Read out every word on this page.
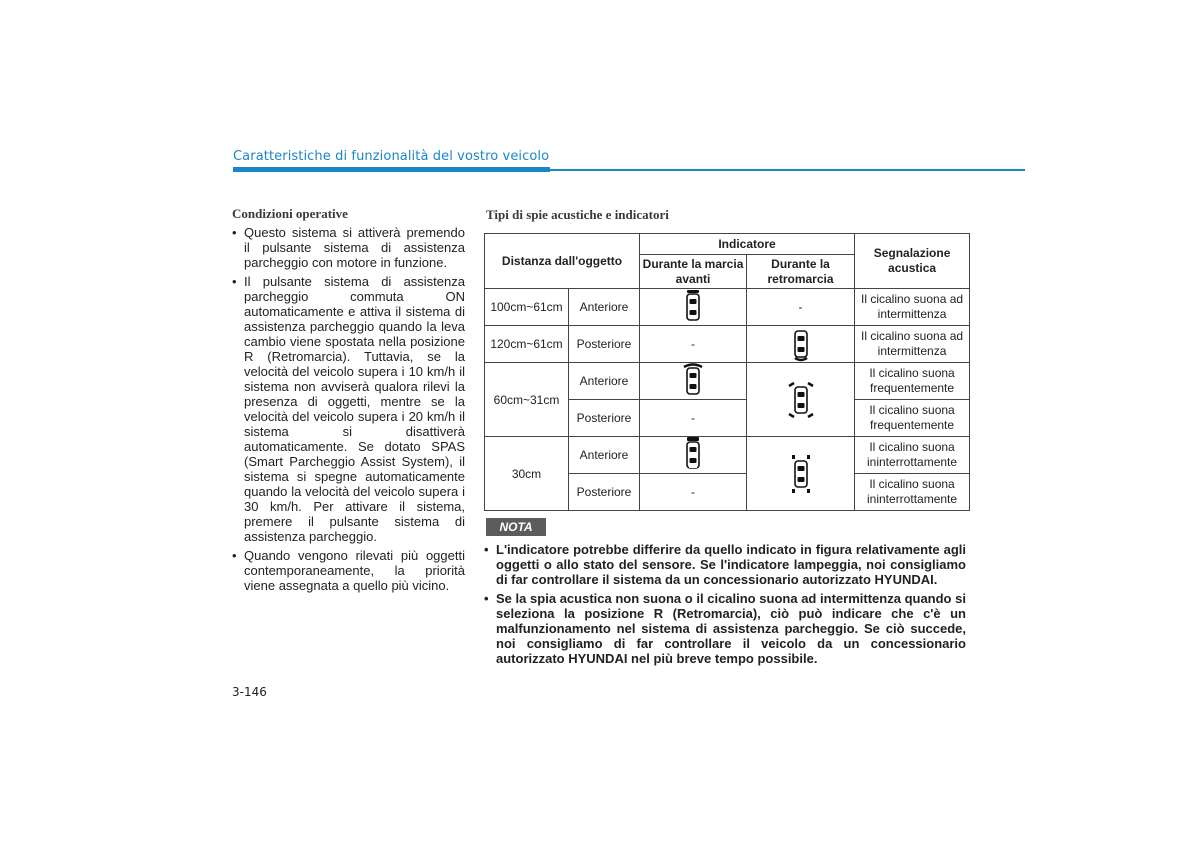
Caratteristiche di funzionalità del vostro veicolo
Condizioni operative
• Questo sistema si attiverà premendo il pulsante sistema di assistenza parcheggio con motore in funzione.
• Il pulsante sistema di assistenza parcheggio commuta ON automaticamente e attiva il sistema di assistenza parcheggio quando la leva cambio viene spostata nella posizione R (Retromarcia). Tuttavia, se la velocità del veicolo supera i 10 km/h il sistema non avviserà qualora rilevi la presenza di oggetti, mentre se la velocità del veicolo supera i 20 km/h il sistema si disattiverà automaticamente. Se dotato SPAS (Smart Parcheggio Assist System), il sistema si spegne automaticamente quando la velocità del veicolo supera i 30 km/h. Per attivare il sistema, premere il pulsante sistema di assistenza parcheggio.
• Quando vengono rilevati più oggetti contemporaneamente, la priorità viene assegnata a quello più vicino.
3-146
Tipi di spie acustiche e indicatori
Distanza dall'oggetto		Indicatore		Segnalazione acustica
		Durante la marcia avanti	Durante la retromarcia	
100cm~61cm	Anteriore		-	Il cicalino suona ad intermittenza
120cm~61cm	Posteriore	-		Il cicalino suona ad intermittenza
60cm~31cm	Anteriore			Il cicalino suona frequentemente
	Posteriore	-		Il cicalino suona frequentemente
30cm	Anteriore			Il cicalino suona ininterrottamente
	Posteriore	-		Il cicalino suona ininterrottamente
NOTA
• L'indicatore potrebbe differire da quello indicato in figura relativamente agli oggetti o allo stato del sensore. Se l'indicatore lampeggia, noi consigliamo di far controllare il sistema da un concessionario autorizzato HYUNDAI.
• Se la spia acustica non suona o il cicalino suona ad intermittenza quando si seleziona la posizione R (Retromarcia), ciò può indicare che c'è un malfunzionamento nel sistema di assistenza parcheggio. Se ciò succede, noi consigliamo di far controllare il veicolo da un concessionario autorizzato HYUNDAI nel più breve tempo possibile.
